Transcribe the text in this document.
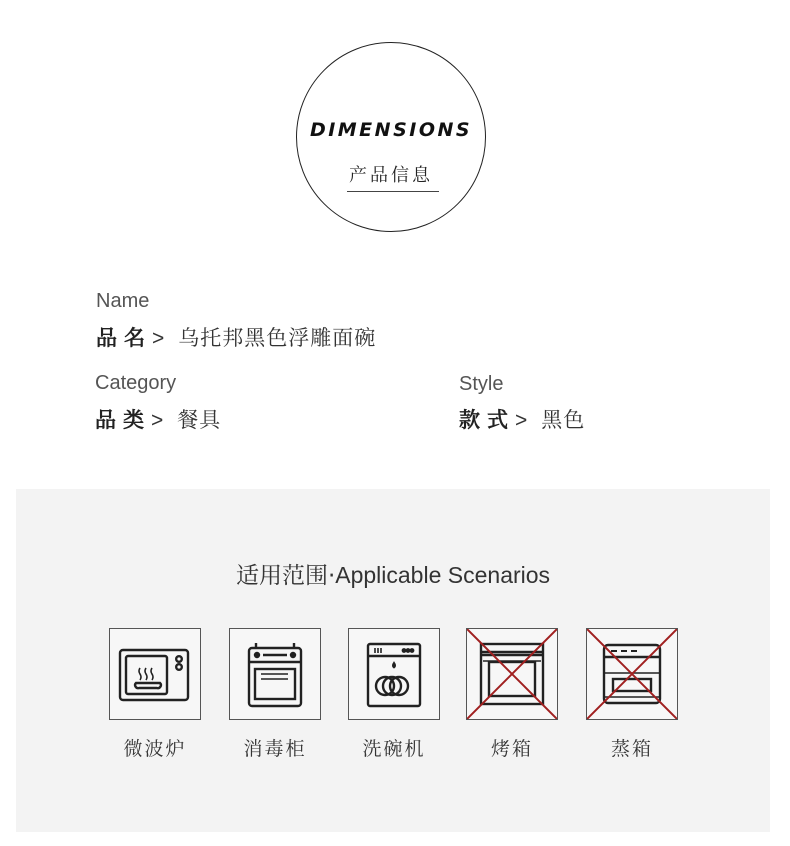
DIMENSIONS
产品信息
Name
品名> 乌托邦黑色浮雕面碗
Category
品类> 餐具
Style
款式> 黑色
适用范围·Applicable Scenarios
微波炉	消毒柜	洗碗机	烤箱	蒸箱
